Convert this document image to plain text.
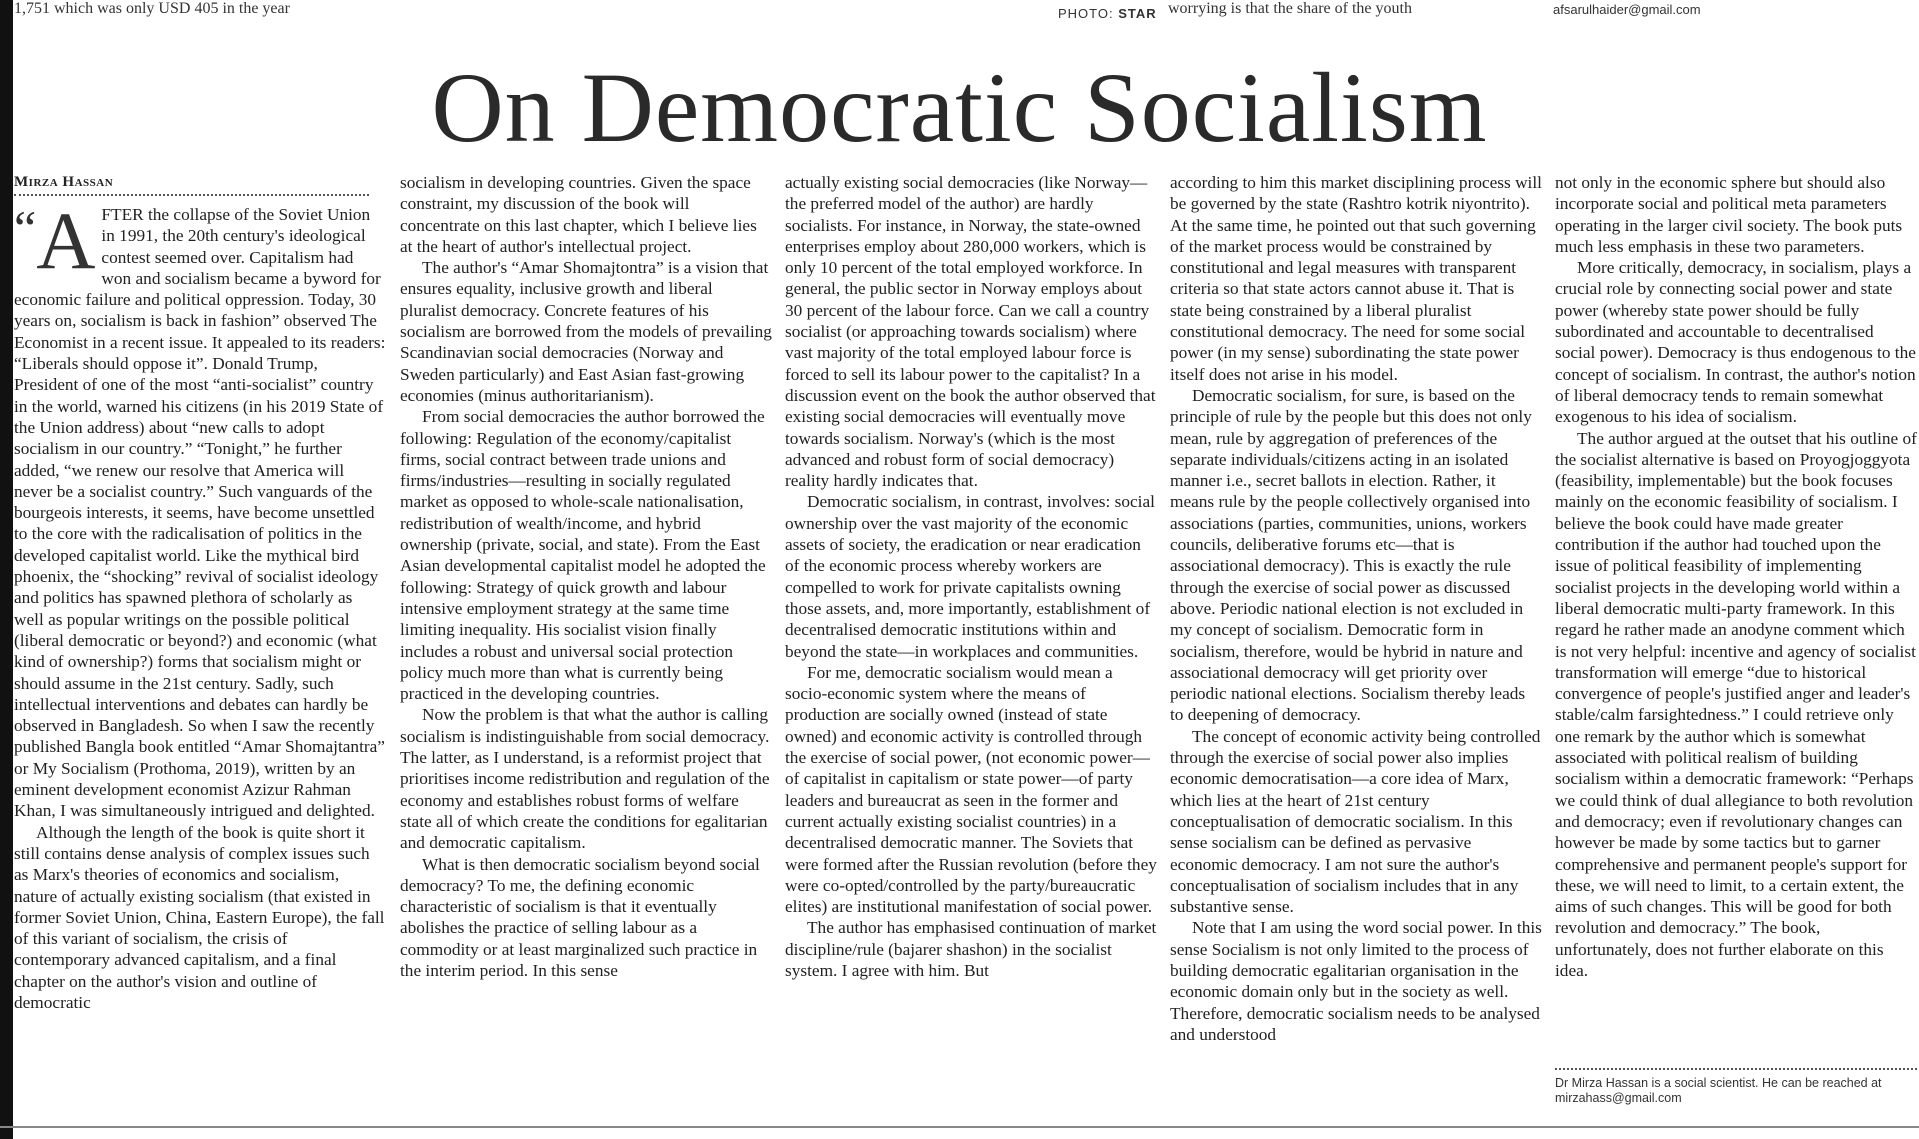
1,751 which was only USD 405 in the year	PHOTO: STAR worrying is that the share of the youth	afsarulhaider@gmail.com
On Democratic Socialism
Mirza Hassan

“A FTER the collapse of the Soviet Union in 1991, the 20th century's ideological contest seemed over. Capitalism had won and socialism became a byword for economic failure and political oppression. Today, 30 years on, socialism is back in fashion” observed The Economist in a recent issue. It appealed to its readers: “Liberals should oppose it”. Donald Trump, President of one of the most “anti-socialist” country in the world, warned his citizens (in his 2019 State of the Union address) about “new calls to adopt socialism in our country.” “Tonight,” he further added, “we renew our resolve that America will never be a socialist country.” Such vanguards of the bourgeois interests, it seems, have become unsettled to the core with the radicalisation of politics in the developed capitalist world. Like the mythical bird phoenix, the “shocking” revival of socialist ideology and politics has spawned plethora of scholarly as well as popular writings on the possible political (liberal democratic or beyond?) and economic (what kind of ownership?) forms that socialism might or should assume in the 21st century. Sadly, such intellectual interventions and debates can hardly be observed in Bangladesh. So when I saw the recently published Bangla book entitled “Amar Shomajtantra” or My Socialism (Prothoma, 2019), written by an eminent development economist Azizur Rahman Khan, I was simultaneously intrigued and delighted.

Although the length of the book is quite short it still contains dense analysis of complex issues such as Marx's theories of economics and socialism, nature of actually existing socialism (that existed in former Soviet Union, China, Eastern Europe), the fall of this variant of socialism, the crisis of contemporary advanced capitalism, and a final chapter on the author's vision and outline of democratic

socialism in developing countries. Given the space constraint, my discussion of the book will concentrate on this last chapter, which I believe lies at the heart of author's intellectual project.

The author's “Amar Shomajtontra” is a vision that ensures equality, inclusive growth and liberal pluralist democracy. Concrete features of his socialism are borrowed from the models of prevailing Scandinavian social democracies (Norway and Sweden particularly) and East Asian fast-growing economies (minus authoritarianism).

From social democracies the author borrowed the following: Regulation of the economy/capitalist firms, social contract between trade unions and firms/industries—resulting in socially regulated market as opposed to whole-scale nationalisation, redistribution of wealth/income, and hybrid ownership (private, social, and state). From the East Asian developmental capitalist model he adopted the following: Strategy of quick growth and labour intensive employment strategy at the same time limiting inequality. His socialist vision finally includes a robust and universal social protection policy much more than what is currently being practiced in the developing countries.

Now the problem is that what the author is calling socialism is indistinguishable from social democracy. The latter, as I understand, is a reformist project that prioritises income redistribution and regulation of the economy and establishes robust forms of welfare state all of which create the conditions for egalitarian and democratic capitalism.

What is then democratic socialism beyond social democracy? To me, the defining economic characteristic of socialism is that it eventually abolishes the practice of selling labour as a commodity or at least marginalized such practice in the interim period. In this sense

actually existing social democracies (like Norway—the preferred model of the author) are hardly socialists. For instance, in Norway, the state-owned enterprises employ about 280,000 workers, which is only 10 percent of the total employed workforce. In general, the public sector in Norway employs about 30 percent of the labour force. Can we call a country socialist (or approaching towards socialism) where vast majority of the total employed labour force is forced to sell its labour power to the capitalist? In a discussion event on the book the author observed that existing social democracies will eventually move towards socialism. Norway's (which is the most advanced and robust form of social democracy) reality hardly indicates that.

Democratic socialism, in contrast, involves: social ownership over the vast majority of the economic assets of society, the eradication or near eradication of the economic process whereby workers are compelled to work for private capitalists owning those assets, and, more importantly, establishment of decentralised democratic institutions within and beyond the state—in workplaces and communities.

For me, democratic socialism would mean a socio-economic system where the means of production are socially owned (instead of state owned) and economic activity is controlled through the exercise of social power, (not economic power—of capitalist in capitalism or state power—of party leaders and bureaucrat as seen in the former and current actually existing socialist countries) in a decentralised democratic manner. The Soviets that were formed after the Russian revolution (before they were co-opted/controlled by the party/bureaucratic elites) are institutional manifestation of social power.

The author has emphasised continuation of market discipline/rule (bajarer shashon) in the socialist system. I agree with him. But

according to him this market disciplining process will be governed by the state (Rashtro kotrik niyontrito). At the same time, he pointed out that such governing of the market process would be constrained by constitutional and legal measures with transparent criteria so that state actors cannot abuse it. That is state being constrained by a liberal pluralist constitutional democracy. The need for some social power (in my sense) subordinating the state power itself does not arise in his model.

Democratic socialism, for sure, is based on the principle of rule by the people but this does not only mean, rule by aggregation of preferences of the separate individuals/citizens acting in an isolated manner i.e., secret ballots in election. Rather, it means rule by the people collectively organised into associations (parties, communities, unions, workers councils, deliberative forums etc—that is associational democracy). This is exactly the rule through the exercise of social power as discussed above. Periodic national election is not excluded in my concept of socialism. Democratic form in socialism, therefore, would be hybrid in nature and associational democracy will get priority over periodic national elections. Socialism thereby leads to deepening of democracy.

The concept of economic activity being controlled through the exercise of social power also implies economic democratisation—a core idea of Marx, which lies at the heart of 21st century conceptualisation of democratic socialism. In this sense socialism can be defined as pervasive economic democracy. I am not sure the author's conceptualisation of socialism includes that in any substantive sense.

Note that I am using the word social power. In this sense Socialism is not only limited to the process of building democratic egalitarian organisation in the economic domain only but in the society as well. Therefore, democratic socialism needs to be analysed and understood

not only in the economic sphere but should also incorporate social and political meta parameters operating in the larger civil society. The book puts much less emphasis in these two parameters.

More critically, democracy, in socialism, plays a crucial role by connecting social power and state power (whereby state power should be fully subordinated and accountable to decentralised social power). Democracy is thus endogenous to the concept of socialism. In contrast, the author's notion of liberal democracy tends to remain somewhat exogenous to his idea of socialism.

The author argued at the outset that his outline of the socialist alternative is based on Proyogjoggyota (feasibility, implementable) but the book focuses mainly on the economic feasibility of socialism. I believe the book could have made greater contribution if the author had touched upon the issue of political feasibility of implementing socialist projects in the developing world within a liberal democratic multi-party framework. In this regard he rather made an anodyne comment which is not very helpful: incentive and agency of socialist transformation will emerge “due to historical convergence of people's justified anger and leader's stable/calm farsightedness.” I could retrieve only one remark by the author which is somewhat associated with political realism of building socialism within a democratic framework: “Perhaps we could think of dual allegiance to both revolution and democracy; even if revolutionary changes can however be made by some tactics but to garner comprehensive and permanent people's support for these, we will need to limit, to a certain extent, the aims of such changes. This will be good for both revolution and democracy.” The book, unfortunately, does not further elaborate on this idea.

Dr Mirza Hassan is a social scientist. He can be reached at mirzahass@gmail.com
